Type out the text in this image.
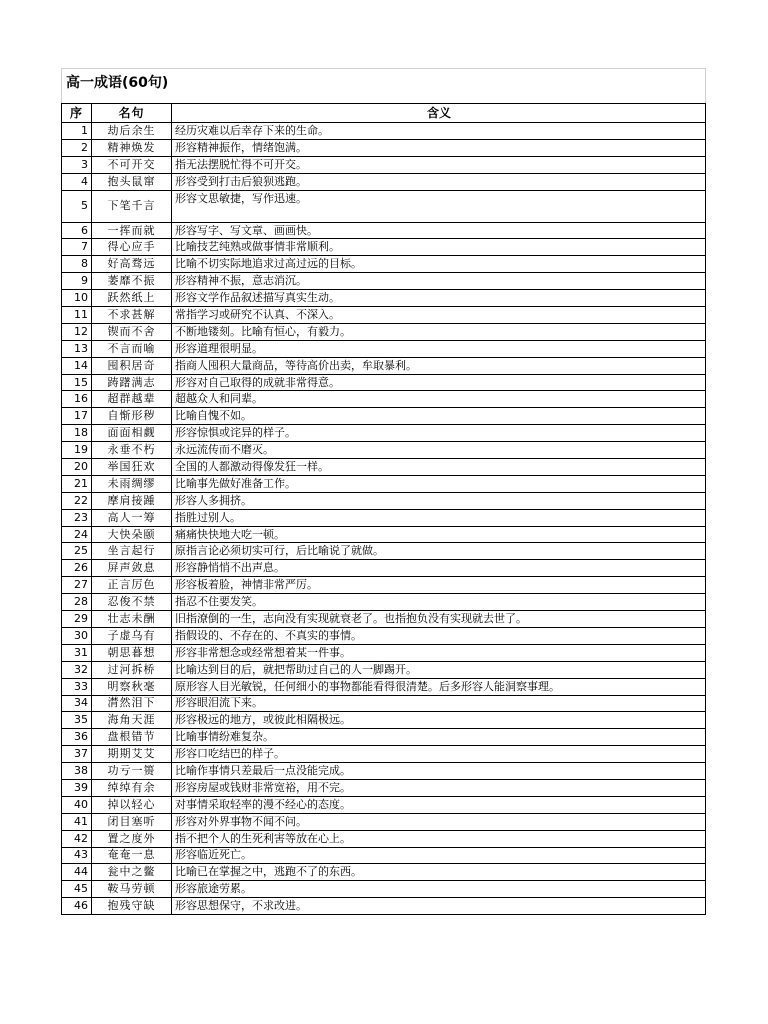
高一成语(60句)
序	名句	含义
1	劫后余生	经历灾难以后幸存下来的生命。
2	精神焕发	形容精神振作，情绪饱满。
3	不可开交	指无法摆脱忙得不可开交。
4	抱头鼠窜	形容受到打击后狼狈逃跑。
5	下笔千言	形容文思敏捷，写作迅速。
6	一挥而就	形容写字、写文章、画画快。
7	得心应手	比喻技艺纯熟或做事情非常顺利。
8	好高骛远	比喻不切实际地追求过高过远的目标。
9	萎靡不振	形容精神不振，意志消沉。
10	跃然纸上	形容文学作品叙述描写真实生动。
11	不求甚解	常指学习或研究不认真、不深入。
12	锲而不舍	不断地镂刻。比喻有恒心，有毅力。
13	不言而喻	形容道理很明显。
14	囤积居奇	指商人囤积大量商品，等待高价出卖，牟取暴利。
15	踌躇满志	形容对自己取得的成就非常得意。
16	超群越辈	超越众人和同辈。
17	自惭形秽	比喻自愧不如。
18	面面相觑	形容惊惧或诧异的样子。
19	永垂不朽	永远流传而不磨灭。
20	举国狂欢	全国的人都激动得像发狂一样。
21	未雨绸缪	比喻事先做好准备工作。
22	摩肩接踵	形容人多拥挤。
23	高人一筹	指胜过别人。
24	大快朵颐	痛痛快快地大吃一顿。
25	坐言起行	原指言论必须切实可行，后比喻说了就做。
26	屏声敛息	形容静悄悄不出声息。
27	正言厉色	形容板着脸，神情非常严厉。
28	忍俊不禁	指忍不住要发笑。
29	壮志未酬	旧指潦倒的一生，志向没有实现就衰老了。也指抱负没有实现就去世了。
30	子虚乌有	指假设的、不存在的、不真实的事情。
31	朝思暮想	形容非常想念或经常想着某一件事。
32	过河拆桥	比喻达到目的后，就把帮助过自己的人一脚踢开。
33	明察秋毫	原形容人目光敏锐，任何细小的事物都能看得很清楚。后多形容人能洞察事理。
34	潸然泪下	形容眼泪流下来。
35	海角天涯	形容极远的地方，或彼此相隔极远。
36	盘根错节	比喻事情纷难复杂。
37	期期艾艾	形容口吃结巴的样子。
38	功亏一篑	比喻作事情只差最后一点没能完成。
39	绰绰有余	形容房屋或钱财非常宽裕，用不完。
40	掉以轻心	对事情采取轻率的漫不经心的态度。
41	闭目塞听	形容对外界事物不闻不问。
42	置之度外	指不把个人的生死利害等放在心上。
43	奄奄一息	形容临近死亡。
44	瓮中之鳖	比喻已在掌握之中，逃跑不了的东西。
45	鞍马劳顿	形容旅途劳累。
46	抱残守缺	形容思想保守，不求改进。
